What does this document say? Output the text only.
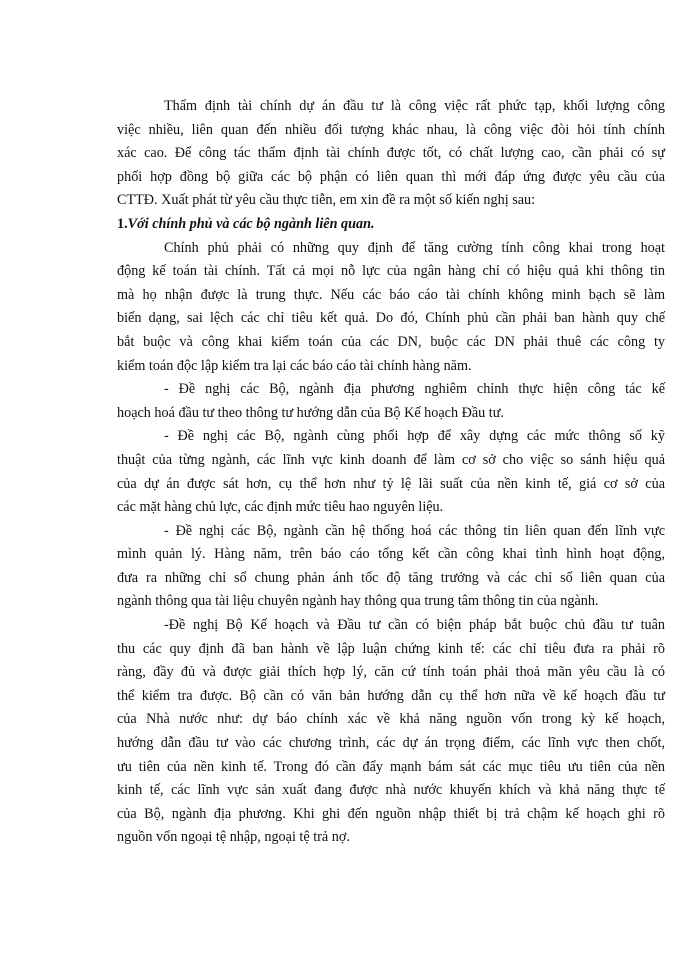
Thẩm định tài chính dự án đầu tư là công việc rất phức tạp, khối lượng công
việc nhiều, liên quan đến nhiều đối tượng khác nhau, là công việc đòi hỏi tính chính
xác cao. Để công tác thẩm định tài chính được tốt, có chất lượng cao, cần phải có sự
phối hợp đồng bộ giữa các bộ phận có liên quan thì mới đáp ứng được yêu cầu của
CTTĐ. Xuất phát từ yêu cầu thực tiễn, em xin đề ra một số kiến nghị sau:
1.Với chính phủ và các bộ ngành liên quan.
Chính phủ phải có những quy định để tăng cường tính công khai trong hoạt
động kế toán tài chính. Tất cả mọi nỗ lực của ngân hàng chỉ có hiệu quả khi thông tin
mà họ nhận được là trung thực. Nếu các báo cáo tài chính không minh bạch sẽ làm
biến dạng, sai lệch các chỉ tiêu kết quả. Do đó, Chính phủ cần phải ban hành quy chế
bắt buộc và công khai kiểm toán của các DN, buộc các DN phải thuê các công ty
kiểm toán độc lập kiểm tra lại các báo cáo tài chính hàng năm.
- Đề nghị các Bộ, ngành địa phương nghiêm chỉnh thực hiện công tác kế
hoạch hoá đầu tư theo thông tư hướng dẫn của Bộ Kế hoạch Đầu tư.
- Đề nghị các Bộ, ngành cùng phối hợp để xây dựng các mức thông số kỹ
thuật của từng ngành, các lĩnh vực kinh doanh để làm cơ sở cho việc so sánh hiệu quả
của dự án được sát hơn, cụ thể hơn như tỷ lệ lãi suất của nền kinh tế, giá cơ sở của
các mặt hàng chủ lực, các định mức tiêu hao nguyên liệu.
- Đề nghị các Bộ, ngành cần hệ thống hoá các thông tin liên quan đến lĩnh vực
mình quản lý. Hàng năm, trên báo cáo tổng kết cần công khai tình hình hoạt động,
đưa ra những chỉ số chung phản ánh tốc độ tăng trưởng và các chỉ số liên quan của
ngành thông qua tài liệu chuyên ngành hay thông qua trung tâm thông tin của ngành.
-Đề nghị Bộ Kế hoạch và Đầu tư cần có biện pháp bắt buộc chủ đầu tư tuân
thu các quy định đã ban hành về lập luận chứng kinh tế: các chỉ tiêu đưa ra phải rõ
ràng, đầy đủ và được giải thích hợp lý, căn cứ tính toán phải thoả mãn yêu cầu là có
thể kiểm tra được. Bộ cần có văn bản hướng dẫn cụ thể hơn nữa về kế hoạch đầu tư
của Nhà nước như: dự báo chính xác về khả năng nguồn vốn trong kỳ kế hoạch,
hướng dẫn đầu tư vào các chương trình, các dự án trọng điểm, các lĩnh vực then chốt,
ưu tiên của nền kinh tế. Trong đó cần đẩy mạnh bám sát các mục tiêu ưu tiên của nền
kinh tế, các lĩnh vực sản xuất đang được nhà nước khuyến khích và khả năng thực tế
của Bộ, ngành địa phương. Khi ghi đến nguồn nhập thiết bị trả chậm kế hoạch ghi rõ
nguồn vốn ngoại tệ nhập, ngoại tệ trả nợ.
